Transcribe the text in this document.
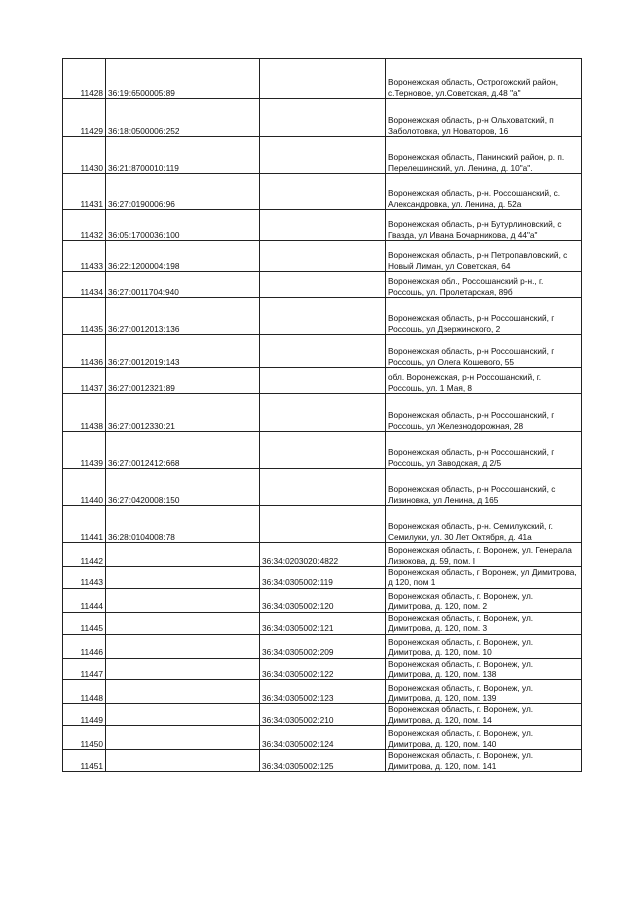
11428	36:19:6500005:89		Воронежская область, Острогожский район, с.Терновое, ул.Советская, д.48 "а"
11429	36:18:0500006:252		Воронежская область, р-н Ольховатский, п Заболотовка, ул Новаторов, 16
11430	36:21:8700010:119		Воронежская область, Панинский район, р. п. Перелешинский, ул. Ленина, д. 10"а".
11431	36:27:0190006:96		Воронежская область, р-н. Россошанский, с. Александровка, ул. Ленина, д. 52а
11432	36:05:1700036:100		Воронежская область, р-н Бутурлиновский, с Гвазда, ул Ивана Бочарникова, д 44"а"
11433	36:22:1200004:198		Воронежская область, р-н Петропавловский, с Новый Лиман, ул Советская, 64
11434	36:27:0011704:940		Воронежская обл., Россошанский р-н., г. Россошь, ул. Пролетарская, 89б
11435	36:27:0012013:136		Воронежская область, р-н Россошанский, г Россошь, ул Дзержинского, 2
11436	36:27:0012019:143		Воронежская область, р-н Россошанский, г Россошь, ул Олега Кошевого, 55
11437	36:27:0012321:89		обл. Воронежская, р-н Россошанский, г. Россошь, ул. 1 Мая, 8
11438	36:27:0012330:21		Воронежская область, р-н Россошанский, г Россошь, ул Железнодорожная, 28
11439	36:27:0012412:668		Воронежская область, р-н Россошанский, г Россошь, ул Заводская, д 2/5
11440	36:27:0420008:150		Воронежская область, р-н Россошанский, с Лизиновка, ул Ленина, д 165
11441	36:28:0104008:78		Воронежская область, р-н. Семилукский, г. Семилуки, ул. 30 Лет Октября, д. 41а
11442		36:34:0203020:4822	Воронежская область, г. Воронеж, ул. Генерала Лизюкова, д. 59, пом. I
11443		36:34:0305002:119	Воронежская область, г Воронеж, ул Димитрова, д 120, пом 1
11444		36:34:0305002:120	Воронежская область, г. Воронеж, ул. Димитрова, д. 120, пом. 2
11445		36:34:0305002:121	Воронежская область, г. Воронеж, ул. Димитрова, д. 120, пом. 3
11446		36:34:0305002:209	Воронежская область, г. Воронеж, ул. Димитрова, д. 120, пом. 10
11447		36:34:0305002:122	Воронежская область, г. Воронеж, ул. Димитрова, д. 120, пом. 138
11448		36:34:0305002:123	Воронежская область, г. Воронеж, ул. Димитрова, д. 120, пом. 139
11449		36:34:0305002:210	Воронежская область, г. Воронеж, ул. Димитрова, д. 120, пом. 14
11450		36:34:0305002:124	Воронежская область, г. Воронеж, ул. Димитрова, д. 120, пом. 140
11451		36:34:0305002:125	Воронежская область, г. Воронеж, ул. Димитрова, д. 120, пом. 141
